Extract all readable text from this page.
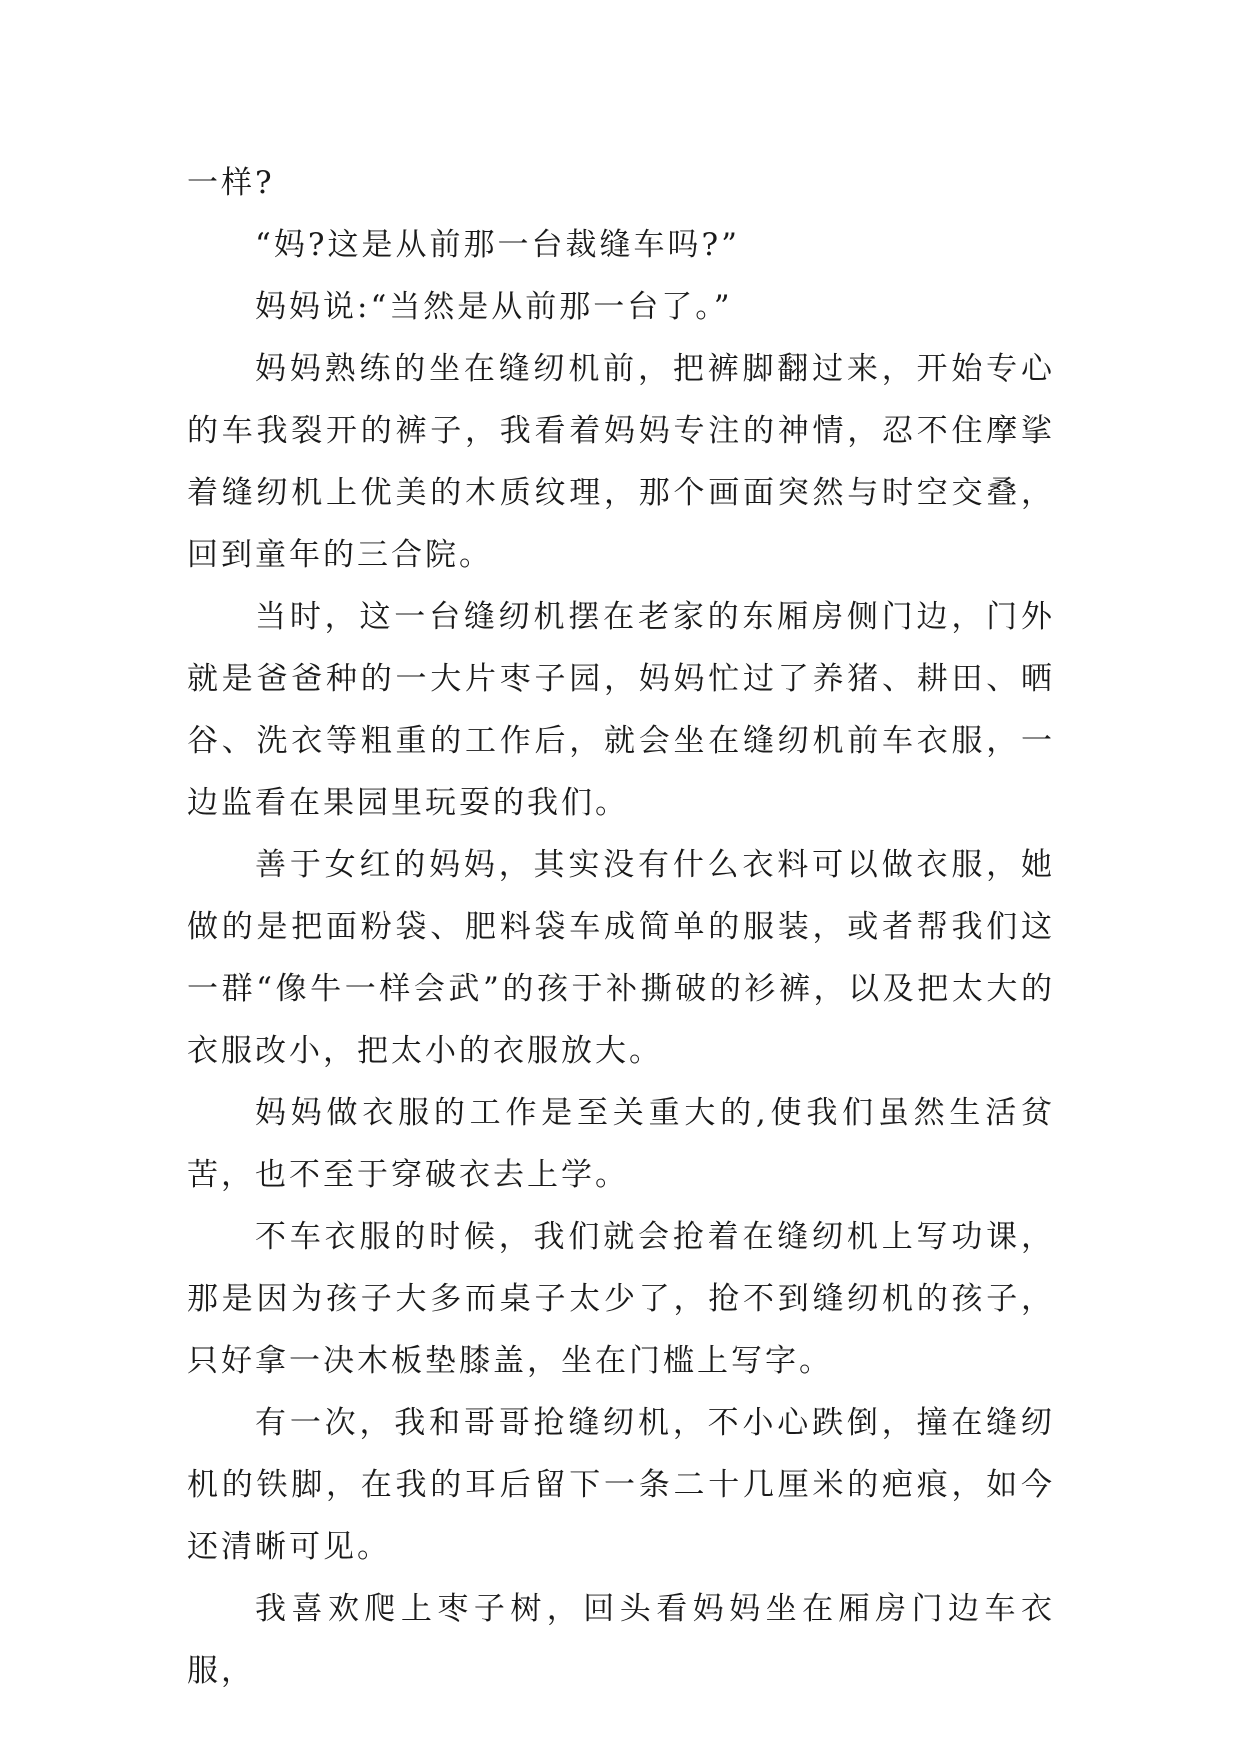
一样?

“妈?这是从前那一台裁缝车吗?”

妈妈说:“当然是从前那一台了。”

妈妈熟练的坐在缝纫机前，把裤脚翻过来，开始专心的车我裂开的裤子，我看着妈妈专注的神情，忍不住摩挲着缝纫机上优美的木质纹理，那个画面突然与时空交叠，回到童年的三合院。

当时，这一台缝纫机摆在老家的东厢房侧门边，门外就是爸爸种的一大片枣子园，妈妈忙过了养猪、耕田、晒谷、洗衣等粗重的工作后，就会坐在缝纫机前车衣服，一边监看在果园里玩耍的我们。

善于女红的妈妈，其实没有什么衣料可以做衣服，她做的是把面粉袋、肥料袋车成简单的服装，或者帮我们这一群“像牛一样会武”的孩于补撕破的衫裤，以及把太大的衣服改小，把太小的衣服放大。

妈妈做衣服的工作是至关重大的,使我们虽然生活贫苦，也不至于穿破衣去上学。

不车衣服的时候，我们就会抢着在缝纫机上写功课，那是因为孩子大多而桌子太少了，抢不到缝纫机的孩子，只好拿一决木板垫膝盖，坐在门槛上写字。

有一次，我和哥哥抢缝纫机，不小心跌倒，撞在缝纫机的铁脚，在我的耳后留下一条二十几厘米的疤痕，如今还清晰可见。

我喜欢爬上枣子树，回头看妈妈坐在厢房门边车衣服，
